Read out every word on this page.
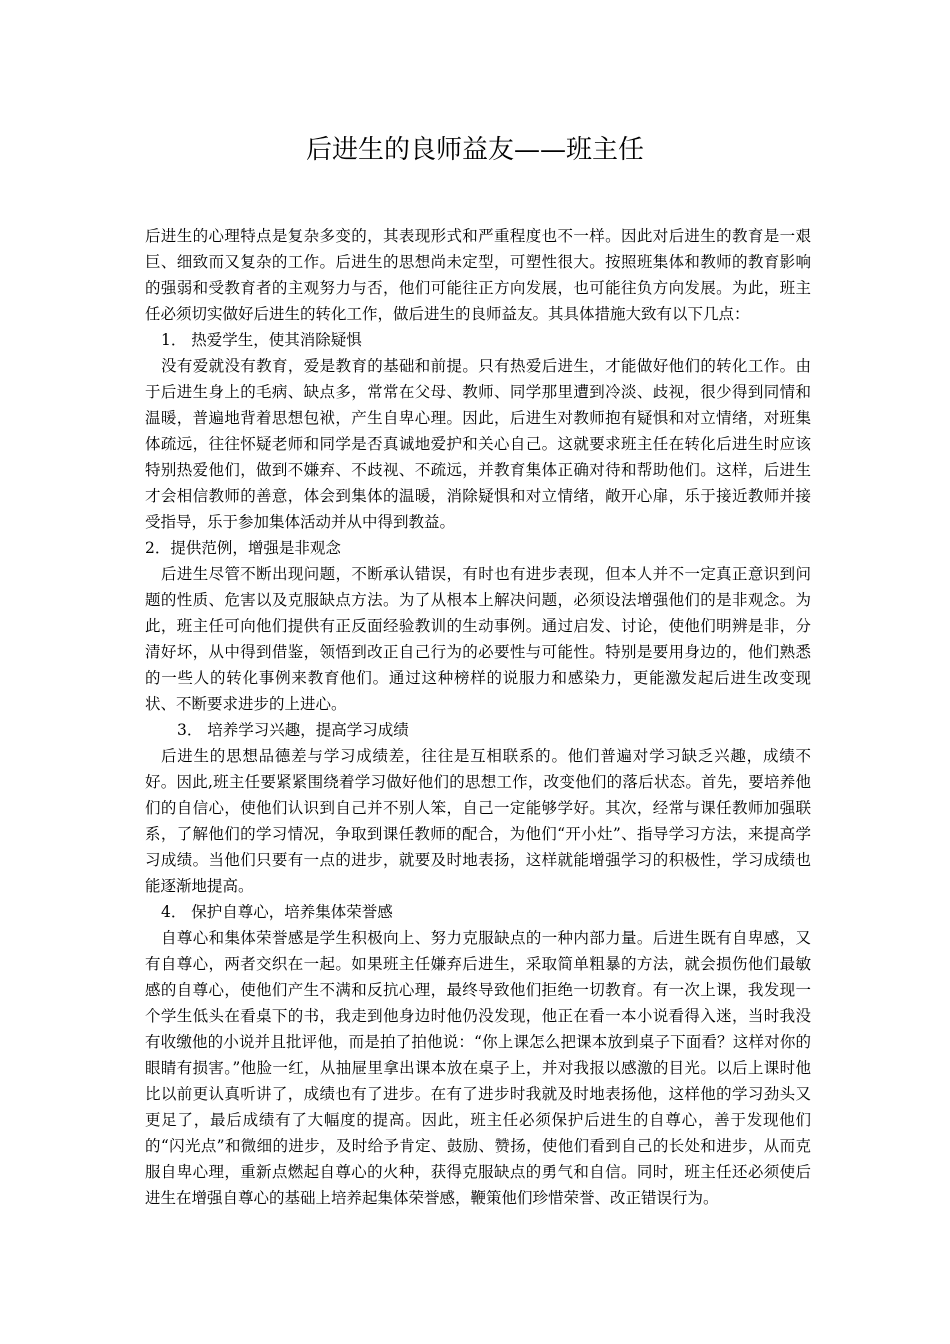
后进生的良师益友——班主任

后进生的心理特点是复杂多变的，其表现形式和严重程度也不一样。因此对后进生的教育是一艰巨、细致而又复杂的工作。后进生的思想尚未定型，可塑性很大。按照班集体和教师的教育影响的强弱和受教育者的主观努力与否，他们可能往正方向发展，也可能往负方向发展。为此，班主任必须切实做好后进生的转化工作，做后进生的良师益友。其具体措施大致有以下几点：

1． 热爱学生，使其消除疑惧

没有爱就没有教育，爱是教育的基础和前提。只有热爱后进生，才能做好他们的转化工作。由于后进生身上的毛病、缺点多，常常在父母、教师、同学那里遭到冷淡、歧视，很少得到同情和温暖，普遍地背着思想包袱，产生自卑心理。因此，后进生对教师抱有疑惧和对立情绪，对班集体疏远，往往怀疑老师和同学是否真诚地爱护和关心自己。这就要求班主任在转化后进生时应该特别热爱他们，做到不嫌弃、不歧视、不疏远，并教育集体正确对待和帮助他们。这样，后进生才会相信教师的善意，体会到集体的温暖，消除疑惧和对立情绪，敞开心扉，乐于接近教师并接受指导，乐于参加集体活动并从中得到教益。

2．提供范例，增强是非观念

后进生尽管不断出现问题，不断承认错误，有时也有进步表现，但本人并不一定真正意识到问题的性质、危害以及克服缺点方法。为了从根本上解决问题，必须设法增强他们的是非观念。为此，班主任可向他们提供有正反面经验教训的生动事例。通过启发、讨论，使他们明辨是非，分清好坏，从中得到借鉴，领悟到改正自己行为的必要性与可能性。特别是要用身边的，他们熟悉的一些人的转化事例来教育他们。通过这种榜样的说服力和感染力，更能激发起后进生改变现状、不断要求进步的上进心。

3． 培养学习兴趣，提高学习成绩

后进生的思想品德差与学习成绩差，往往是互相联系的。他们普遍对学习缺乏兴趣，成绩不好。因此,班主任要紧紧围绕着学习做好他们的思想工作，改变他们的落后状态。首先，要培养他们的自信心，使他们认识到自己并不别人笨，自己一定能够学好。其次，经常与课任教师加强联系，了解他们的学习情况，争取到课任教师的配合，为他们“开小灶”、指导学习方法，来提高学习成绩。当他们只要有一点的进步，就要及时地表扬，这样就能增强学习的积极性，学习成绩也能逐渐地提高。

4． 保护自尊心，培养集体荣誉感

自尊心和集体荣誉感是学生积极向上、努力克服缺点的一种内部力量。后进生既有自卑感，又有自尊心，两者交织在一起。如果班主任嫌弃后进生，采取简单粗暴的方法，就会损伤他们最敏感的自尊心，使他们产生不满和反抗心理，最终导致他们拒绝一切教育。有一次上课，我发现一个学生低头在看桌下的书，我走到他身边时他仍没发现，他正在看一本小说看得入迷，当时我没有收缴他的小说并且批评他，而是拍了拍他说：“你上课怎么把课本放到桌子下面看？这样对你的眼睛有损害。”他脸一红，从抽屉里拿出课本放在桌子上，并对我报以感激的目光。以后上课时他比以前更认真听讲了，成绩也有了进步。在有了进步时我就及时地表扬他，这样他的学习劲头又更足了，最后成绩有了大幅度的提高。因此，班主任必须保护后进生的自尊心，善于发现他们的“闪光点”和微细的进步，及时给予肯定、鼓励、赞扬，使他们看到自己的长处和进步，从而克服自卑心理，重新点燃起自尊心的火种，获得克服缺点的勇气和自信。同时，班主任还必须使后进生在增强自尊心的基础上培养起集体荣誉感，鞭策他们珍惜荣誉、改正错误行为。
